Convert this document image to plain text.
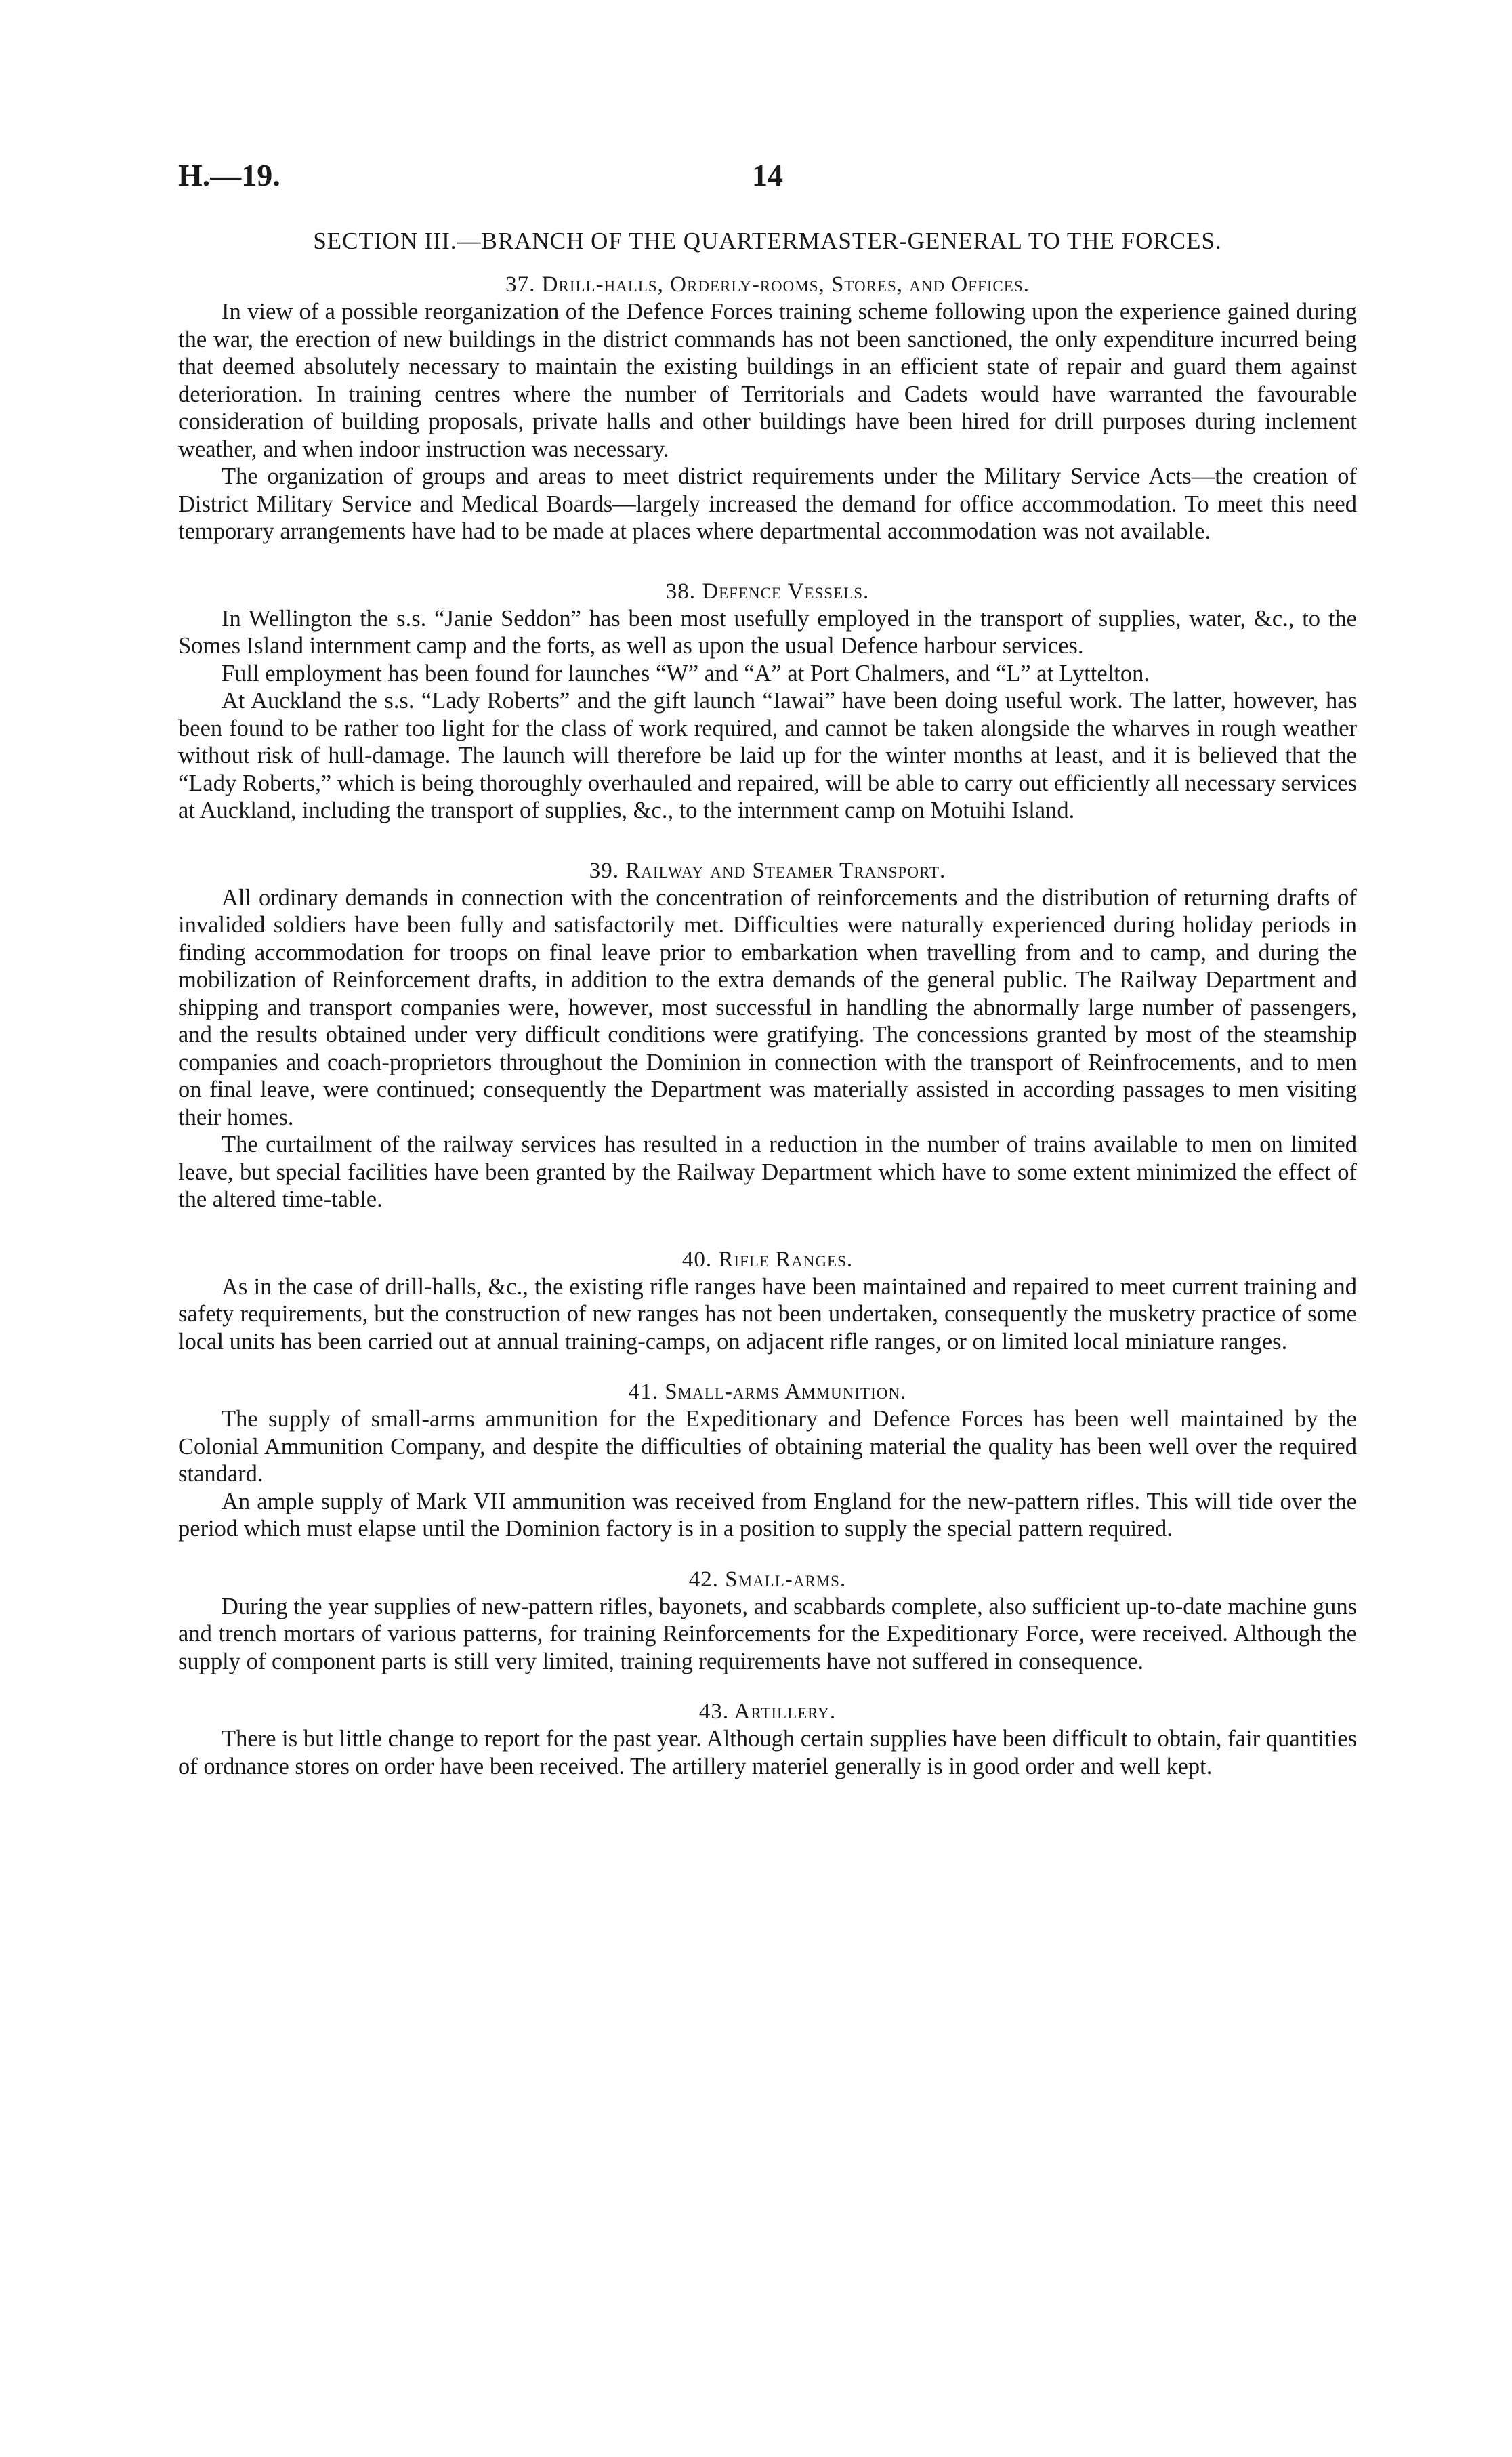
H.—19.	14
SECTION III.—BRANCH OF THE QUARTERMASTER-GENERAL TO THE FORCES.

37. Drill-halls, Orderly-rooms, Stores, and Offices.

In view of a possible reorganization of the Defence Forces training scheme following upon the experience gained during the war, the erection of new buildings in the district commands has not been sanctioned, the only expenditure incurred being that deemed absolutely necessary to maintain the existing buildings in an efficient state of repair and guard them against deterioration. In training centres where the number of Territorials and Cadets would have warranted the favourable consideration of building proposals, private halls and other buildings have been hired for drill purposes during inclement weather, and when indoor instruction was necessary.

The organization of groups and areas to meet district requirements under the Military Service Acts—the creation of District Military Service and Medical Boards—largely increased the demand for office accommodation. To meet this need temporary arrangements have had to be made at places where departmental accommodation was not available.

38. Defence Vessels.

In Wellington the s.s. “Janie Seddon” has been most usefully employed in the transport of supplies, water, &c., to the Somes Island internment camp and the forts, as well as upon the usual Defence harbour services.

Full employment has been found for launches “W” and “A” at Port Chalmers, and “L” at Lyttelton.

At Auckland the s.s. “Lady Roberts” and the gift launch “Iawai” have been doing useful work. The latter, however, has been found to be rather too light for the class of work required, and cannot be taken alongside the wharves in rough weather without risk of hull-damage. The launch will therefore be laid up for the winter months at least, and it is believed that the “Lady Roberts,” which is being thoroughly overhauled and repaired, will be able to carry out efficiently all necessary services at Auckland, including the transport of supplies, &c., to the internment camp on Motuihi Island.

39. Railway and Steamer Transport.

All ordinary demands in connection with the concentration of reinforcements and the distribution of returning drafts of invalided soldiers have been fully and satisfactorily met. Difficulties were naturally experienced during holiday periods in finding accommodation for troops on final leave prior to embarkation when travelling from and to camp, and during the mobilization of Reinforcement drafts, in addition to the extra demands of the general public. The Railway Department and shipping and transport companies were, however, most successful in handling the abnormally large number of passengers, and the results obtained under very difficult conditions were gratifying. The concessions granted by most of the steamship companies and coach-proprietors throughout the Dominion in connection with the transport of Reinfrocements, and to men on final leave, were continued; consequently the Department was materially assisted in according passages to men visiting their homes.

The curtailment of the railway services has resulted in a reduction in the number of trains available to men on limited leave, but special facilities have been granted by the Railway Department which have to some extent minimized the effect of the altered time-table.

40. Rifle Ranges.

As in the case of drill-halls, &c., the existing rifle ranges have been maintained and repaired to meet current training and safety requirements, but the construction of new ranges has not been undertaken, consequently the musketry practice of some local units has been carried out at annual training-camps, on adjacent rifle ranges, or on limited local miniature ranges.

41. Small-arms Ammunition.

The supply of small-arms ammunition for the Expeditionary and Defence Forces has been well maintained by the Colonial Ammunition Company, and despite the difficulties of obtaining material the quality has been well over the required standard.

An ample supply of Mark VII ammunition was received from England for the new-pattern rifles. This will tide over the period which must elapse until the Dominion factory is in a position to supply the special pattern required.

42. Small-arms.

During the year supplies of new-pattern rifles, bayonets, and scabbards complete, also sufficient up-to-date machine guns and trench mortars of various patterns, for training Reinforcements for the Expeditionary Force, were received. Although the supply of component parts is still very limited, training requirements have not suffered in consequence.

43. Artillery.

There is but little change to report for the past year. Although certain supplies have been difficult to obtain, fair quantities of ordnance stores on order have been received. The artillery materiel generally is in good order and well kept.
